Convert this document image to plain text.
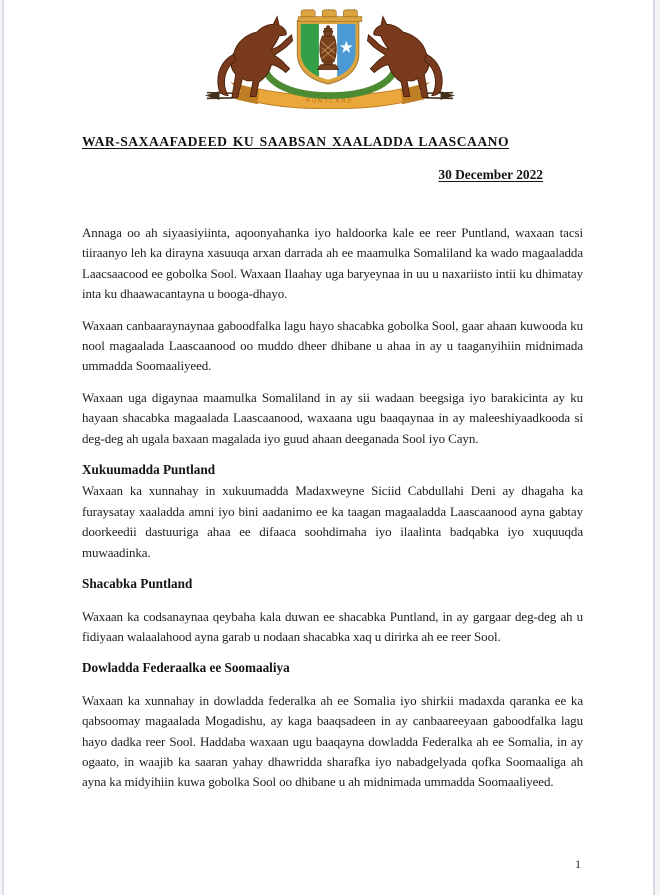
PUNTLAND
WAR-SAXAAFADEED KU SAABSAN XAALADDA LAASCAANO
30 December 2022

Annaga oo ah siyaasiyiinta, aqoonyahanka iyo haldoorka kale ee reer Puntland, waxaan tacsi tiiraanyo leh ka dirayna xasuuqa arxan darrada ah ee maamulka Somaliland ka wado magaaladda Laacsaacood ee gobolka Sool. Waxaan Ilaahay uga baryeynaa in uu u naxariisto intii ku dhimatay inta ku dhaawacantayna u booga-dhayo.

Waxaan canbaaraynaynaa gaboodfalka lagu hayo shacabka gobolka Sool, gaar ahaan kuwooda ku nool magaalada Laascaanood oo muddo dheer dhibane u ahaa in ay u taaganyihiin midnimada ummadda Soomaaliyeed.

Waxaan uga digaynaa maamulka Somaliland in ay sii wadaan beegsiga iyo barakicinta ay ku hayaan shacabka magaalada Laascaanood, waxaana ugu baaqaynaa in ay maleeshiyaadkooda si deg-deg ah ugala baxaan magalada iyo guud ahaan deeganada Sool iyo Cayn.

Xukuumadda Puntland

Waxaan ka xunnahay in xukuumadda Madaxweyne Siciid Cabdullahi Deni ay dhagaha ka furaysatay xaaladda amni iyo bini aadanimo ee ka taagan magaaladda Laascaanood ayna gabtay doorkeedii dastuuriga ahaa ee difaaca soohdimaha iyo ilaalinta badqabka iyo xuquuqda muwaadinka.

Shacabka Puntland

Waxaan ka codsanaynaa qeybaha kala duwan ee shacabka Puntland, in ay gargaar deg-deg ah u fidiyaan walaalahood ayna garab u nodaan shacabka xaq u dirirka ah ee reer Sool.

Dowladda Federaalka ee Soomaaliya

Waxaan ka xunnahay in dowladda federalka ah ee Somalia iyo shirkii madaxda qaranka ee ka qabsoomay magaalada Mogadishu, ay kaga baaqsadeen in ay canbaareeyaan gaboodfalka lagu hayo dadka reer Sool. Haddaba waxaan ugu baaqayna dowladda Federalka ah ee Somalia, in ay ogaato, in waajib ka saaran yahay dhawridda sharafka iyo nabadgelyada qofka Soomaaliga ah ayna ka midyihiin kuwa gobolka Sool oo dhibane u ah midnimada ummadda Soomaaliyeed.

1
